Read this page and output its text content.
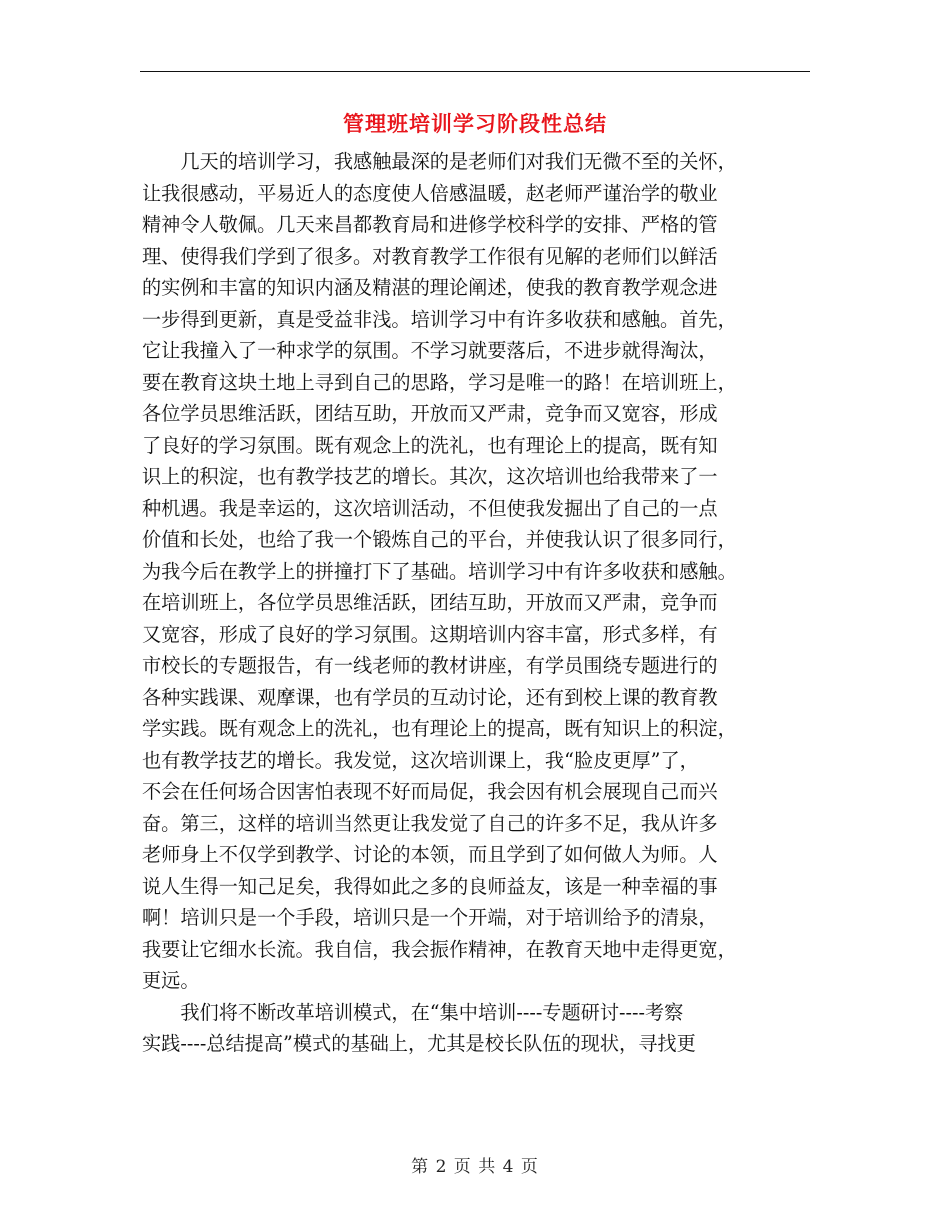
管理班培训学习阶段性总结
　　几天的培训学习，我感触最深的是老师们对我们无微不至的关怀，
让我很感动，平易近人的态度使人倍感温暖，赵老师严谨治学的敬业
精神令人敬佩。几天来昌都教育局和进修学校科学的安排、严格的管
理、使得我们学到了很多。对教育教学工作很有见解的老师们以鲜活
的实例和丰富的知识内涵及精湛的理论阐述，使我的教育教学观念进
一步得到更新，真是受益非浅。培训学习中有许多收获和感触。首先，
它让我撞入了一种求学的氛围。不学习就要落后，不进步就得淘汰，
要在教育这块土地上寻到自己的思路，学习是唯一的路！在培训班上，
各位学员思维活跃，团结互助，开放而又严肃，竞争而又宽容，形成
了良好的学习氛围。既有观念上的洗礼，也有理论上的提高，既有知
识上的积淀，也有教学技艺的增长。其次，这次培训也给我带来了一
种机遇。我是幸运的，这次培训活动，不但使我发掘出了自己的一点
价值和长处，也给了我一个锻炼自己的平台，并使我认识了很多同行，
为我今后在教学上的拼撞打下了基础。培训学习中有许多收获和感触。
在培训班上，各位学员思维活跃，团结互助，开放而又严肃，竞争而
又宽容，形成了良好的学习氛围。这期培训内容丰富，形式多样，有
市校长的专题报告，有一线老师的教材讲座，有学员围绕专题进行的
各种实践课、观摩课，也有学员的互动讨论，还有到校上课的教育教
学实践。既有观念上的洗礼，也有理论上的提高，既有知识上的积淀，
也有教学技艺的增长。我发觉，这次培训课上，我“脸皮更厚”了，
不会在任何场合因害怕表现不好而局促，我会因有机会展现自己而兴
奋。第三，这样的培训当然更让我发觉了自己的许多不足，我从许多
老师身上不仅学到教学、讨论的本领，而且学到了如何做人为师。人
说人生得一知己足矣，我得如此之多的良师益友，该是一种幸福的事
啊！培训只是一个手段，培训只是一个开端，对于培训给予的清泉，
我要让它细水长流。我自信，我会振作精神，在教育天地中走得更宽，
更远。
　　我们将不断改革培训模式，在“集中培训----专题研讨----考察
实践----总结提高”模式的基础上，尤其是校长队伍的现状，寻找更
第 2 页 共 4 页
